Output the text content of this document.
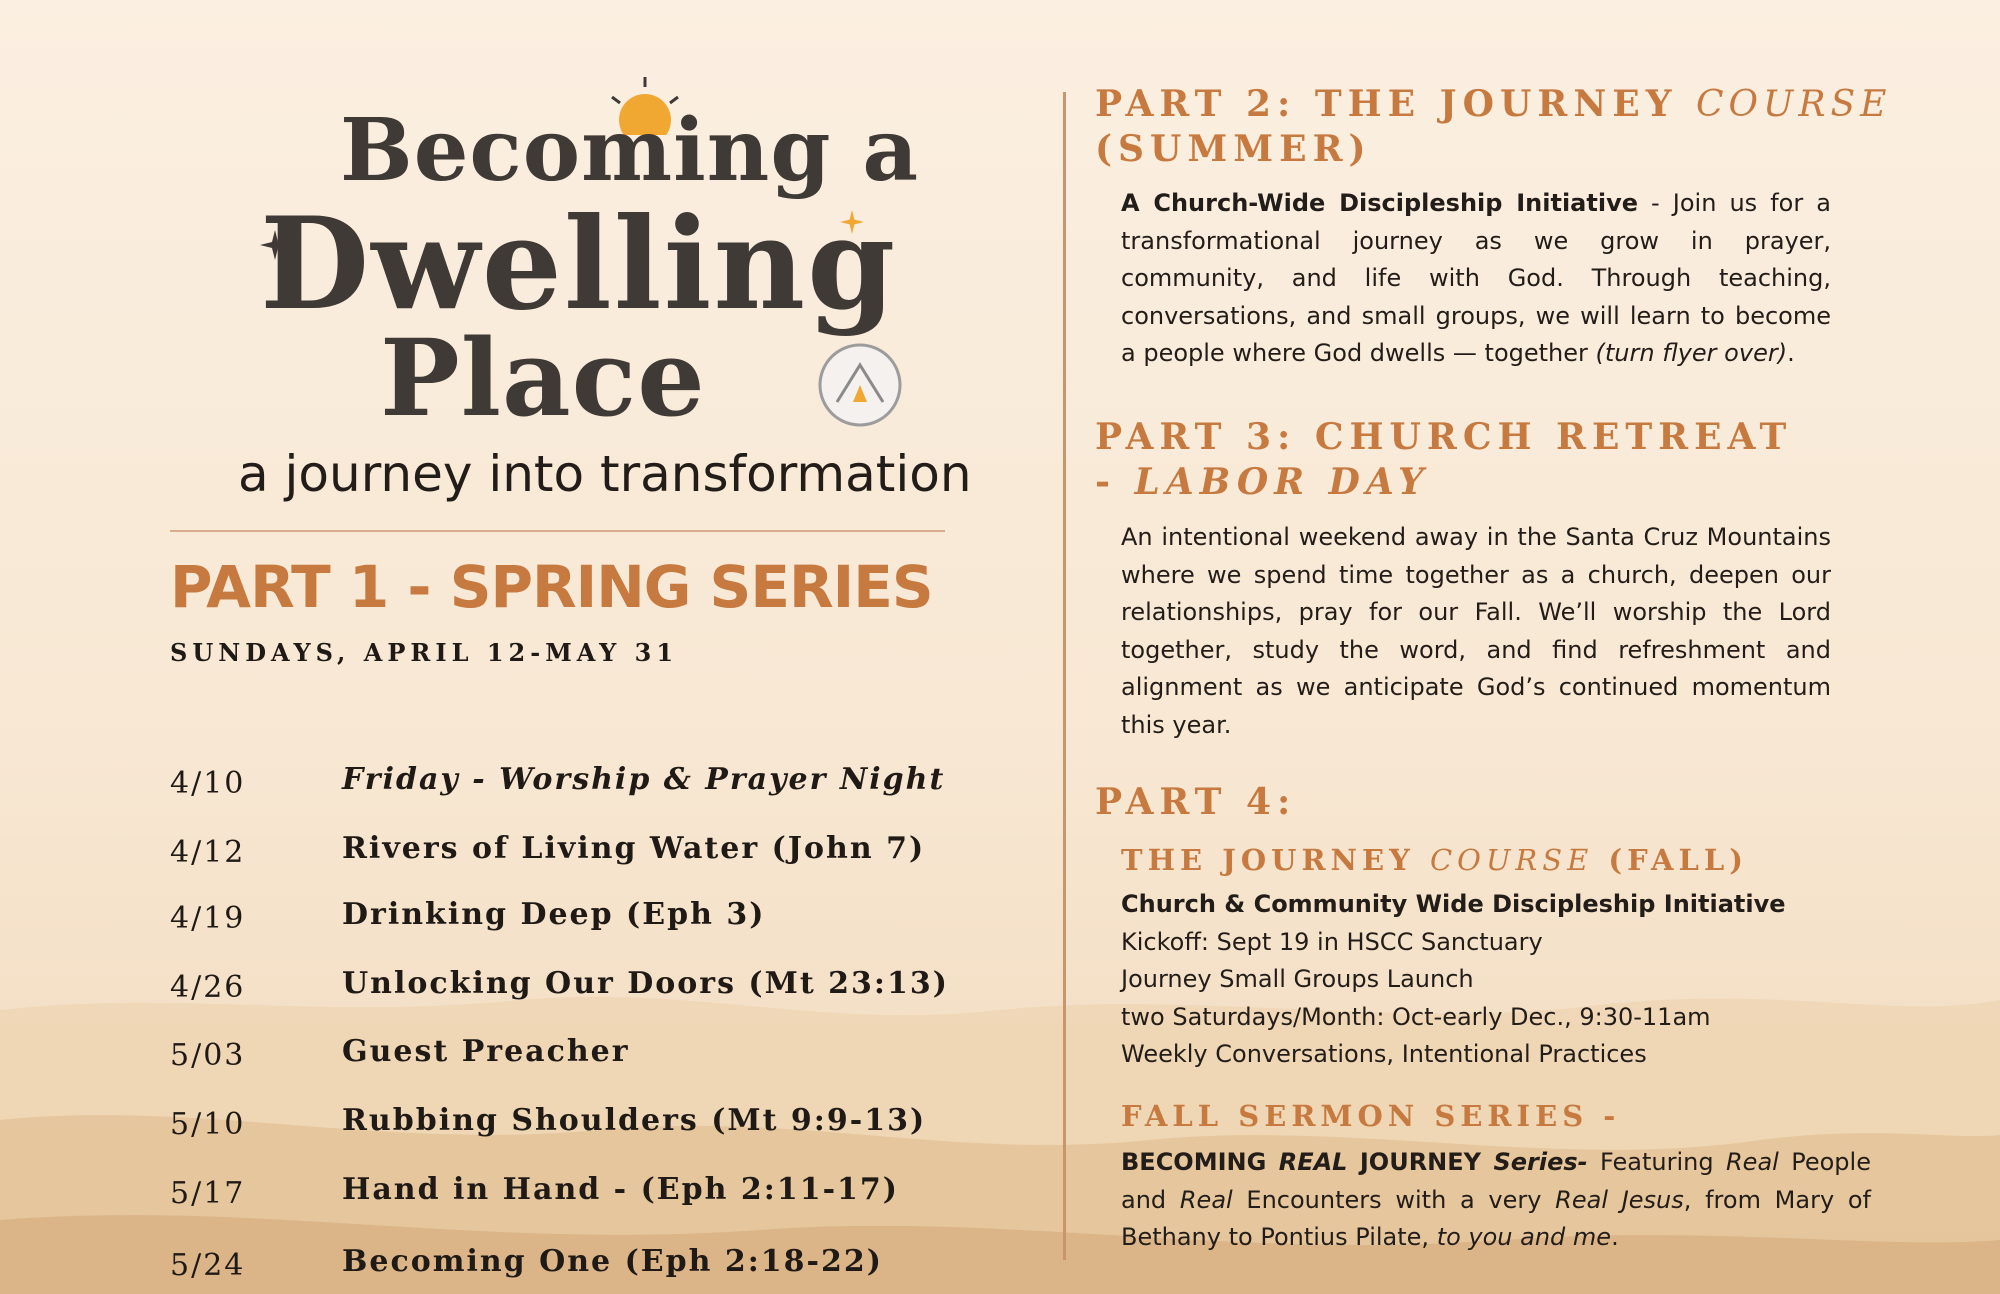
Becoming a
Dwelling
Place
a journey into transformation
PART 1 - SPRING SERIES
SUNDAYS, APRIL 12-MAY 31
4/10	Friday - Worship & Prayer Night
4/12	Rivers of Living Water (John 7)
4/19	Drinking Deep (Eph 3)
4/26	Unlocking Our Doors (Mt 23:13)
5/03	Guest Preacher
5/10	Rubbing Shoulders (Mt 9:9-13)
5/17	Hand in Hand - (Eph 2:11-17)
5/24	Becoming One (Eph 2:18-22)
PART 2: THE JOURNEY COURSE
(SUMMER)
A Church-Wide Discipleship Initiative - Join us for a transformational journey as we grow in prayer, community, and life with God. Through teaching, conversations, and small groups, we will learn to become a people where God dwells — together (turn flyer over).
PART 3: CHURCH RETREAT
- LABOR DAY
An intentional weekend away in the Santa Cruz Mountains where we spend time together as a church, deepen our relationships, pray for our Fall. We’ll worship the Lord together, study the word, and find refreshment and alignment as we anticipate God’s continued momentum this year.
PART 4:
THE JOURNEY COURSE (FALL)
Church & Community Wide Discipleship Initiative
Kickoff: Sept 19 in HSCC Sanctuary
Journey Small Groups Launch
two Saturdays/Month: Oct-early Dec., 9:30-11am
Weekly Conversations, Intentional Practices
FALL SERMON SERIES -
BECOMING REAL JOURNEY Series- Featuring Real People and Real Encounters with a very Real Jesus, from Mary of Bethany to Pontius Pilate, to you and me.
